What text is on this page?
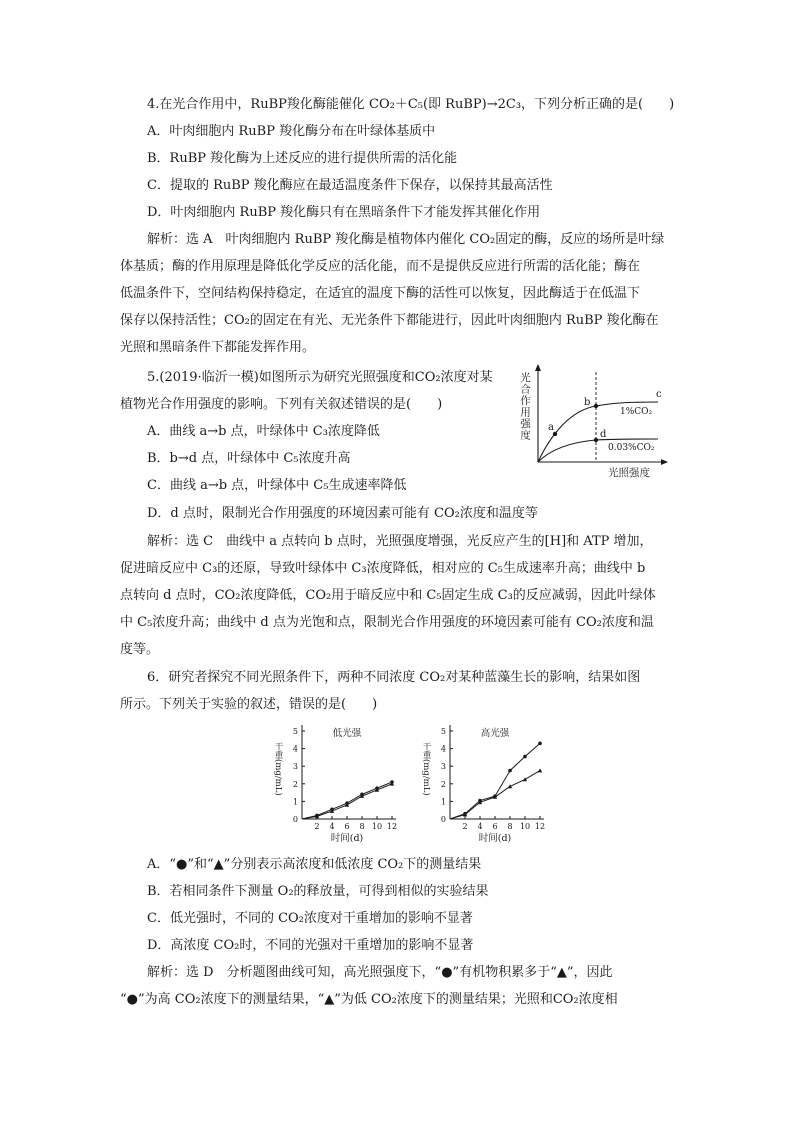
4.在光合作用中，RuBP羧化酶能催化 CO₂＋C₅(即 RuBP)→2C₃，下列分析正确的是(　　)
A．叶肉细胞内 RuBP 羧化酶分布在叶绿体基质中
B．RuBP 羧化酶为上述反应的进行提供所需的活化能
C．提取的 RuBP 羧化酶应在最适温度条件下保存，以保持其最高活性
D．叶肉细胞内 RuBP 羧化酶只有在黑暗条件下才能发挥其催化作用
解析：选 A　叶肉细胞内 RuBP 羧化酶是植物体内催化 CO₂固定的酶，反应的场所是叶绿
体基质；酶的作用原理是降低化学反应的活化能，而不是提供反应进行所需的活化能；酶在
低温条件下，空间结构保持稳定，在适宜的温度下酶的活性可以恢复，因此酶适于在低温下
保存以保持活性；CO₂的固定在有光、无光条件下都能进行，因此叶肉细胞内 RuBP 羧化酶在
光照和黑暗条件下都能发挥作用。
5.(2019·临沂一模)如图所示为研究光照强度和CO₂浓度对某
植物光合作用强度的影响。下列有关叙述错误的是(　　)
A．曲线 a→b 点，叶绿体中 C₃浓度降低
B．b→d 点，叶绿体中 C₅浓度升高
C．曲线 a→b 点，叶绿体中 C₅生成速率降低
D．d 点时，限制光合作用强度的环境因素可能有 CO₂浓度和温度等
解析：选 C　曲线中 a 点转向 b 点时，光照强度增强，光反应产生的[H]和 ATP 增加，
促进暗反应中 C₃的还原，导致叶绿体中 C₃浓度降低，相对应的 C₅生成速率升高；曲线中 b
点转向 d 点时，CO₂浓度降低，CO₂用于暗反应中和 C₅固定生成 C₃的反应减弱，因此叶绿体
中 C₅浓度升高；曲线中 d 点为光饱和点，限制光合作用强度的环境因素可能有 CO₂浓度和温
度等。
光合作用强度
光照强度
a
b
c
d
1%CO₂
0.03%CO₂
6．研究者探究不同光照条件下，两种不同浓度 CO₂对某种蓝藻生长的影响，结果如图
所示。下列关于实验的叙述，错误的是(　　)
0
1
2
3
4
5
2 4 6 8 10 12
低光强
时间(d)
干重(mg/mL)
0
1
2
3
4
5
2 4 6 8 10 12
高光强
时间(d)
干重(mg/mL)
A．“●”和“▲”分别表示高浓度和低浓度 CO₂下的测量结果
B．若相同条件下测量 O₂的释放量，可得到相似的实验结果
C．低光强时，不同的 CO₂浓度对干重增加的影响不显著
D．高浓度 CO₂时，不同的光强对干重增加的影响不显著
解析：选 D　分析题图曲线可知，高光照强度下，“●”有机物积累多于“▲”，因此
“●”为高 CO₂浓度下的测量结果，“▲”为低 CO₂浓度下的测量结果；光照和CO₂浓度相
